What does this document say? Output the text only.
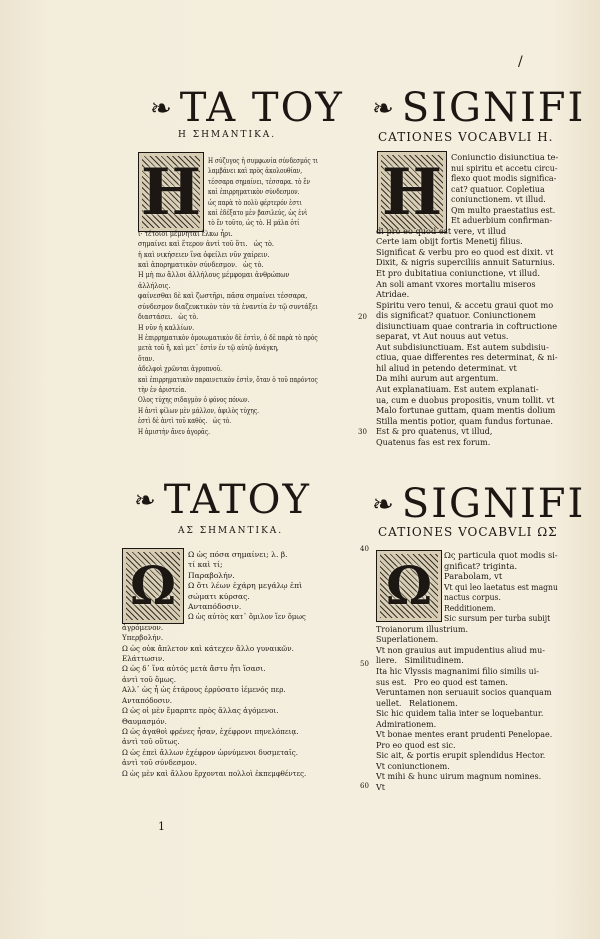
/
❧ TA TOY
Η ΣΗΜΑΝΤΙΚΑ.
Η Η σύζυγος ἡ συμφωνία σύνδεσμός τι
λαμβάνει καὶ πρὸς ἀκολουθίαν,
τέσσαρα σημαίνει, τέσσαρα. τὸ ἓν
καὶ ἑπιρρηματικὸν σύνδεσμον.
ὡς παρὰ τὸ πολὺ φέρτερόν ἐστι
καὶ ἐδέξατο μὲν βασιλεύς, ὡς ἐνὶ
τὸ ἓν τοῦτο, ὡς τὸ. Η μάλα ὁτί
ι· τέτοιοι μέμνηται ἔλκω ἦρι.
σημαίνει καὶ ἕτερον ἀντὶ τοῦ ὅτι.   ὡς τὸ.
ἡ καὶ νικήσειεν ἵνα ὀφείλει νῦν χαίρειν.
καὶ ἀπορηματικὸν σύνδεσμον.   ὡς τὸ.
Η μὴ πω ἄλλοι ἀλλήλους μέμφομαι ἀνθρώπων
ἀλλήλοις.
φαίνεσθαι δὲ καὶ ζωστῆρι, πᾶσα σημαίνει τέσσαρα,
σύνδεσμον διαζευκτικὸν τὸν τὰ ἐναντία ἐν τῷ συντάξει
διαστάσει.   ὡς τὸ.
Η νῦν ἡ καλλίων.
Η ἐπιρρηματικὸν ὁμοιωματικὸν δὲ ἐστὶν, ὁ δὲ παρὰ τὸ πρὸς
μετὰ τοῦ ἤ, καὶ μετ᾽ ἐστὶν ἐν τῷ αὐτῷ ἀνάγκη,
ὅταν.
ἀδελφοὶ χρῶνται ἀγρυπνοῦ.
καὶ ἐπιρρηματικὸν παραινετικὸν ἐστὶν, ὅταν ὁ τοῦ παρόντος
τὴν ἐν ἀριστεία.
Ολος τύχης σιδαγμὸν ὁ φόνος πόνων.
Η ἀντὶ φίλων μὲν μάλλον, ἀφιλὸς τύχης.
ἐστὶ δὲ ἀντὶ τοῦ καθὸς.   ὡς τὸ.
Η ἀμιστὴν ἄνευ ἀγορᾶς.
❧ SIGNIFI
CATIONES VOCABVLI H.
H	Coniunctio disiunctiua te-
nui spiritu et accetu circu-
flexo quot modis significa-
cat? quatuor. Copletiua
coniunctionem. vt illud.
Qm multo praestatius est.
Et aduerbium confirman-
di pro eo quod est vere, vt illud
Certe iam obijt fortis Menetij filius.
Significat & verbu pro eo quod est dixit. vt
Dixit, & nigris superciliis annuit Saturnius.
Et pro dubitatiua coniunctione, vt illud.
An soli amant vxores mortaliu miseros
Atridae.
Spiritu vero tenui, & accetu graui quot mo
dis significat? quatuor. Coniunctionem
disiunctiuam quae contraria in coftructione
separat, vt Aut nouus aut vetus.
Aut subdisiunctiuam. Est autem subdisiu-
ctiua, quae differentes res determinat, & ni-
hil aliud in petendo determinat. vt
Da mihi aurum aut argentum.
Aut explanatiuam. Est autem explanati-
ua, cum e duobus propositis, vnum tollit. vt
Malo fortunae guttam, quam mentis dolium
Stilla mentis potior, quam fundus fortunae.
Est & pro quatenus, vt illud,
Quatenus fas est rex forum.
20
30
❧ TATOY
ΑΣ ΣΗΜΑΝΤΙΚΑ.
Ω
Ω ὡς πόσα σημαίνει; λ. β.
τί καὶ τί;
Παραβολήν.
Ω ὅτι λέων ἐχάρη μεγάλῳ ἐπὶ
σώματι κύρσας.
Ανταπόδοσιν.
Ω ὡς αὐτὸς κατ᾽ ὅμιλον ἴεν ὅμως
ἀγρόμενον.
Υπερβολήν.
Ω ὡς οὐκ ἄπλετον καὶ κάτεχεν ἄλλο γυναικῶν.
Ελάττωσιν.
Ω ὡς δ᾽ ἵνα αὐτός μετὰ ἄστυ ἦτι ἵσασι.
ἀντὶ τοῦ ὅμως.
Αλλ᾽ ὡς ἦ ὡς ἑτάρους ἐρρύσατο ἱέμενός περ.
Ανταπόδοσιν.
Ω ὡς οἱ μὲν ἔμαρπτε πρὸς ἄλλας ἀγόμενοι.
Θαυμασμόν.
Ω ὡς ἀγαθοὶ φρένες ἦσαν, ἐχέφρονι πηνελόπειᾳ.
ἀντὶ τοῦ οὕτως.
Ω ὡς ἐπεὶ ἄλλων ἐχέφρον ὠρνύμενοι δυσμεταῖς.
ἀντὶ τοῦ σύνδεσμον.
Ω ὡς μὲν καὶ ἄλλου ἔρχονται πολλοὶ ἐκπεμφθέντες.
❧ SIGNIFI
CATIONES VOCABVLI ΩΣ
Ω	Ως particula quot modis si-
gnificat? triginta.
Parabolam, vt
Vt qui leo laetatus est magnu
nactus corpus.
Redditionem.
Sic sursum per turba subijt
Troianorum illustrium.
Superlationem.
Vt non grauius aut impudentius aliud mu-
liere.   Similitudinem.
Ita hic Vlyssis magnanimi filio similis ui-
sus est.   Pro eo quod est tamen.
Veruntamen non seruauit socios quanquam
uellet.   Relationem.
Sic hic quidem talia inter se loquebantur.
Admirationem.
Vt bonae mentes erant prudenti Penelopae.
Pro eo quod est sic.
Sic ait, & portis erupit splendidus Hector.
Vt coniunctionem.
Vt mihi & hunc uirum magnum nomines.
Vt
40
50
60
1
